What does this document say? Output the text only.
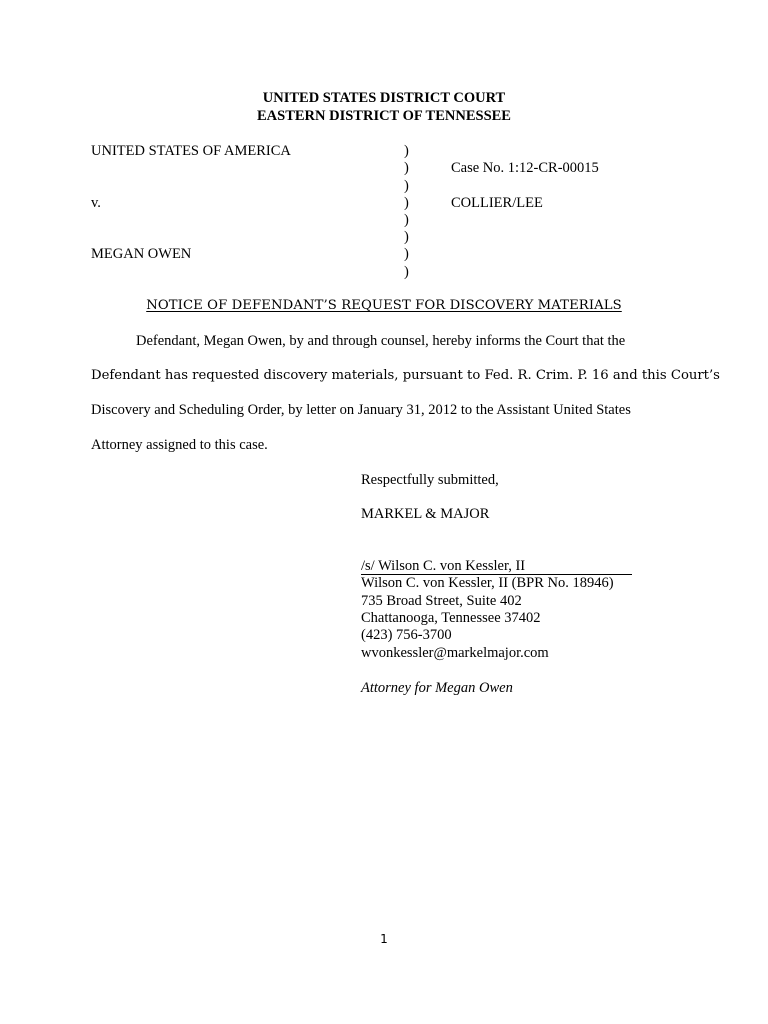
UNITED STATES DISTRICT COURT
EASTERN DISTRICT OF TENNESSEE
UNITED STATES OF AMERICA
v.
MEGAN OWEN
)
)
)
)
)
)
)
)
Case No. 1:12-CR-00015
COLLIER/LEE
NOTICE OF DEFENDANT’S REQUEST FOR DISCOVERY MATERIALS
Defendant, Megan Owen, by and through counsel, hereby informs the Court that the
Defendant has requested discovery materials, pursuant to Fed. R. Crim. P. 16 and this Court’s
Discovery and Scheduling Order, by letter on January 31, 2012 to the Assistant United States
Attorney assigned to this case.
Respectfully submitted,
MARKEL & MAJOR
/s/ Wilson C. von Kessler, II
Wilson C. von Kessler, II (BPR No. 18946)
735 Broad Street, Suite 402
Chattanooga, Tennessee 37402
(423) 756-3700
wvonkessler@markelmajor.com
Attorney for Megan Owen
1
